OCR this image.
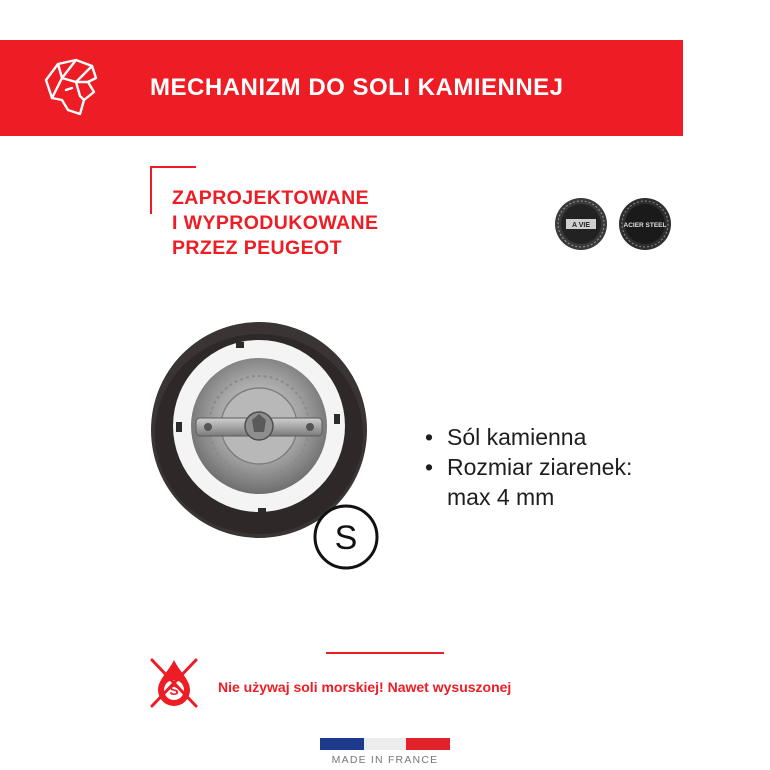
MECHANIZM DO SOLI KAMIENNEJ
ZAPROJEKTOWANE
I WYPRODUKOWANE
PRZEZ PEUGEOT
A VIE	ACIER STEEL
S
• Sól kamienna
• Rozmiar ziarenek:
max 4 mm
S	Nie używaj soli morskiej! Nawet wysuszonej
MADE IN FRANCE
